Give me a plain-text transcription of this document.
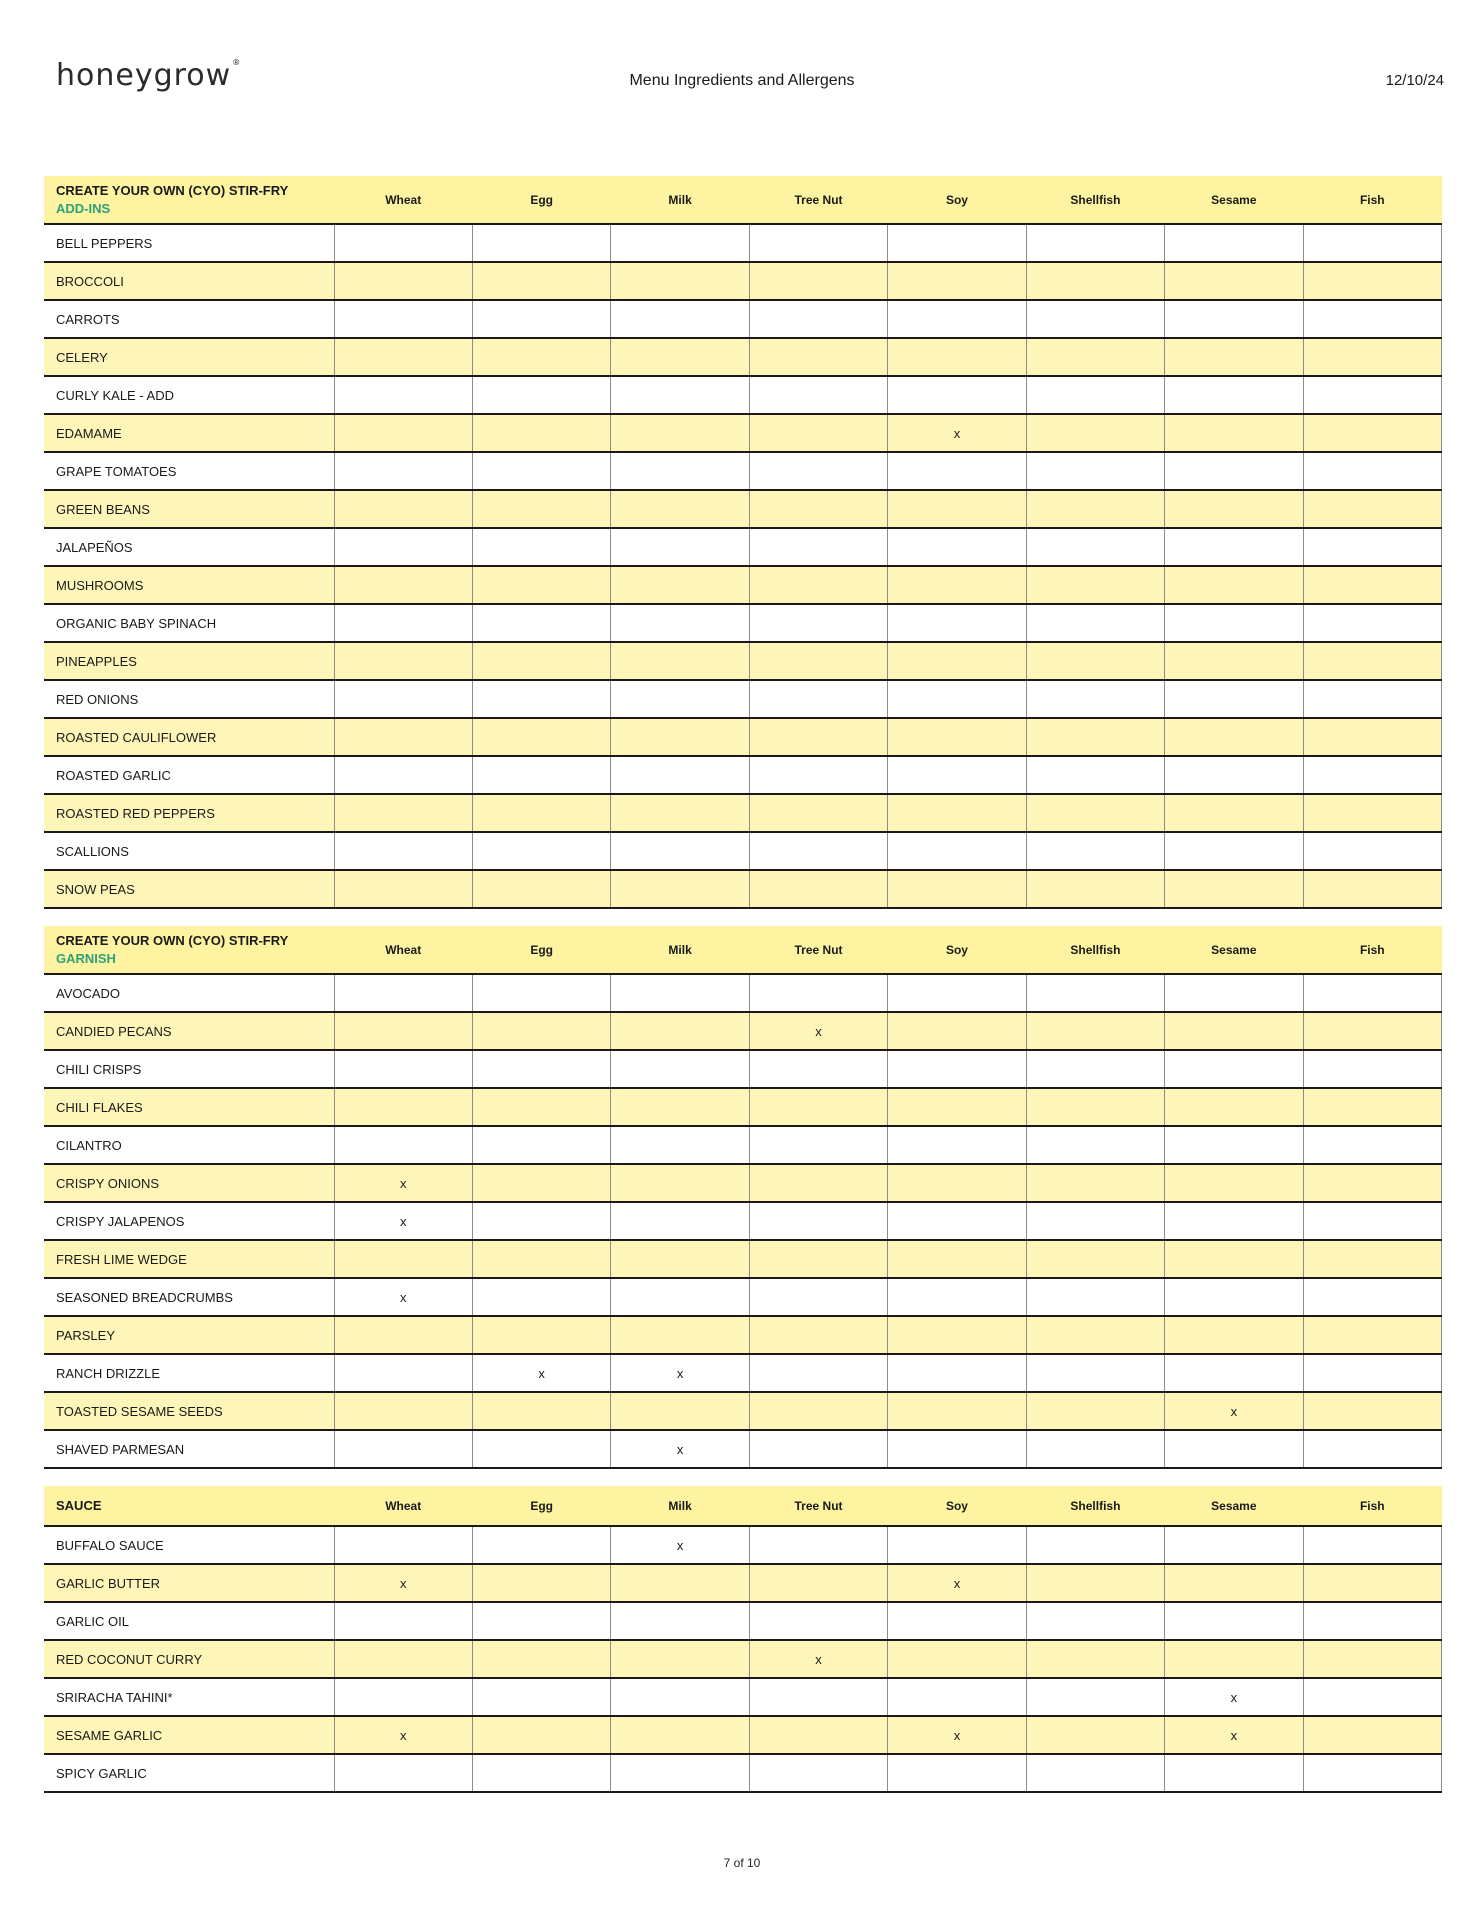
honeygrow®
Menu Ingredients and Allergens	12/10/24
CREATE YOUR OWN (CYO) STIR-FRY
ADD-INS	Wheat	Egg	Milk	Tree Nut	Soy	Shellfish	Sesame	Fish
BELL PEPPERS								
BROCCOLI								
CARROTS								
CELERY								
CURLY KALE - ADD								
EDAMAME					x			
GRAPE TOMATOES								
GREEN BEANS								
JALAPEÑOS								
MUSHROOMS								
ORGANIC BABY SPINACH								
PINEAPPLES								
RED ONIONS								
ROASTED CAULIFLOWER								
ROASTED GARLIC								
ROASTED RED PEPPERS								
SCALLIONS								
SNOW PEAS								
CREATE YOUR OWN (CYO) STIR-FRY
GARNISH	Wheat	Egg	Milk	Tree Nut	Soy	Shellfish	Sesame	Fish
AVOCADO								
CANDIED PECANS				x				
CHILI CRISPS								
CHILI FLAKES								
CILANTRO								
CRISPY ONIONS	x							
CRISPY JALAPENOS	x							
FRESH LIME WEDGE								
SEASONED BREADCRUMBS	x							
PARSLEY								
RANCH DRIZZLE		x	x					
TOASTED SESAME SEEDS							x	
SHAVED PARMESAN			x					
SAUCE	Wheat	Egg	Milk	Tree Nut	Soy	Shellfish	Sesame	Fish
BUFFALO SAUCE			x					
GARLIC BUTTER	x				x			
GARLIC OIL								
RED COCONUT CURRY				x				
SRIRACHA TAHINI*							x	
SESAME GARLIC	x				x		x	
SPICY GARLIC								
7 of 10
